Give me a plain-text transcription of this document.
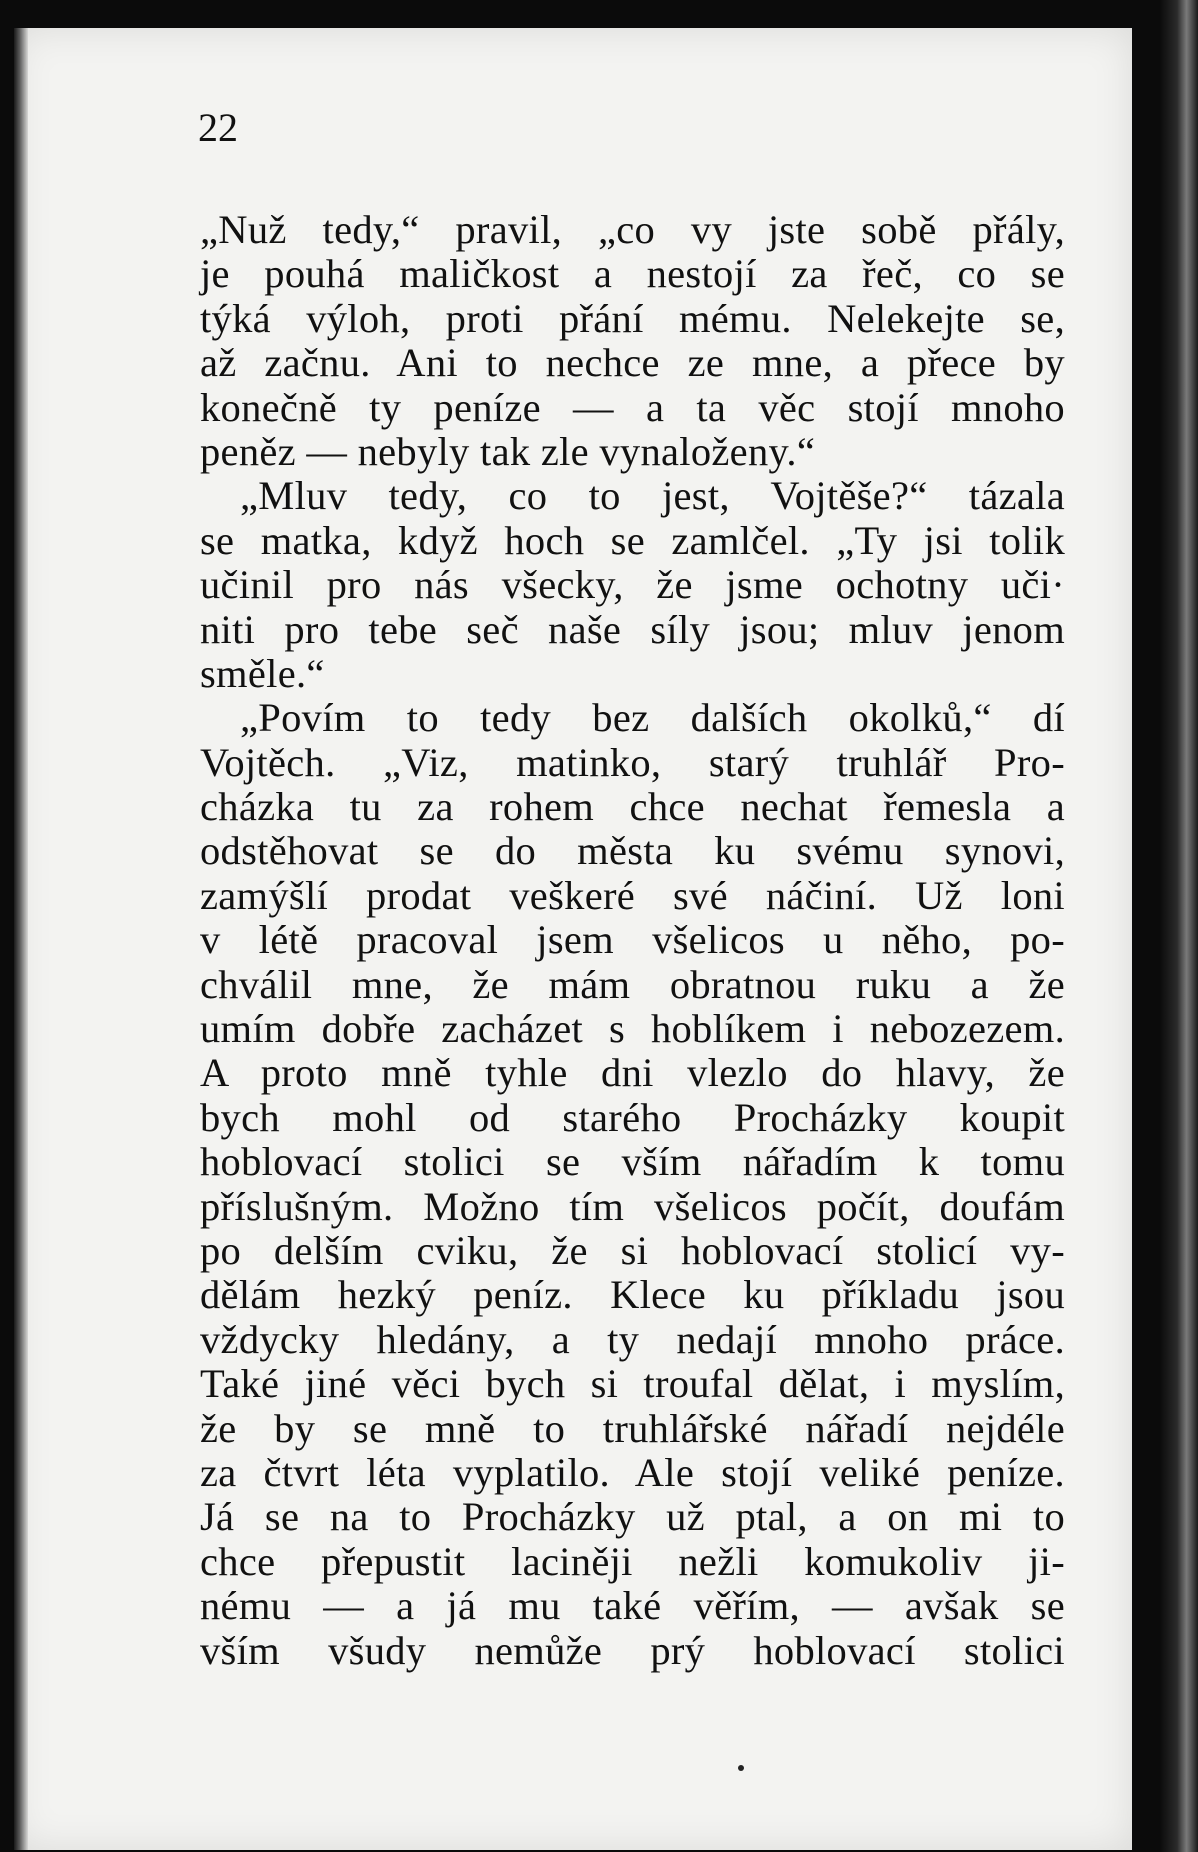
22
„Nuž tedy,“ pravil, „co vy jste sobě přály,
je pouhá maličkost a nestojí za řeč, co se
týká výloh, proti přání mému. Nelekejte se,
až začnu. Ani to nechce ze mne, a přece by
konečně ty peníze — a ta věc stojí mnoho
peněz — nebyly tak zle vynaloženy.“
„Mluv tedy, co to jest, Vojtěše?“ tázala
se matka, když hoch se zamlčel. „Ty jsi tolik
učinil pro nás všecky, že jsme ochotny uči·
niti pro tebe seč naše síly jsou; mluv jenom
směle.“
„Povím to tedy bez dalších okolků,“ dí
Vojtěch. „Viz, matinko, starý truhlář Pro-
cházka tu za rohem chce nechat řemesla a
odstěhovat se do města ku svému synovi,
zamýšlí prodat veškeré své náčiní. Už loni
v létě pracoval jsem všelicos u něho, po-
chválil mne, že mám obratnou ruku a že
umím dobře zacházet s hoblíkem i nebozezem.
A proto mně tyhle dni vlezlo do hlavy, že
bych mohl od starého Procházky koupit
hoblovací stolici se vším nářadím k tomu
příslušným. Možno tím všelicos počít, doufám
po delším cviku, že si hoblovací stolicí vy-
dělám hezký peníz. Klece ku příkladu jsou
vždycky hledány, a ty nedají mnoho práce.
Také jiné věci bych si troufal dělat, i myslím,
že by se mně to truhlářské nářadí nejdéle
za čtvrt léta vyplatilo. Ale stojí veliké peníze.
Já se na to Procházky už ptal, a on mi to
chce přepustit laciněji nežli komukoliv ji-
nému — a já mu také věřím, — avšak se
vším všudy nemůže prý hoblovací stolici
